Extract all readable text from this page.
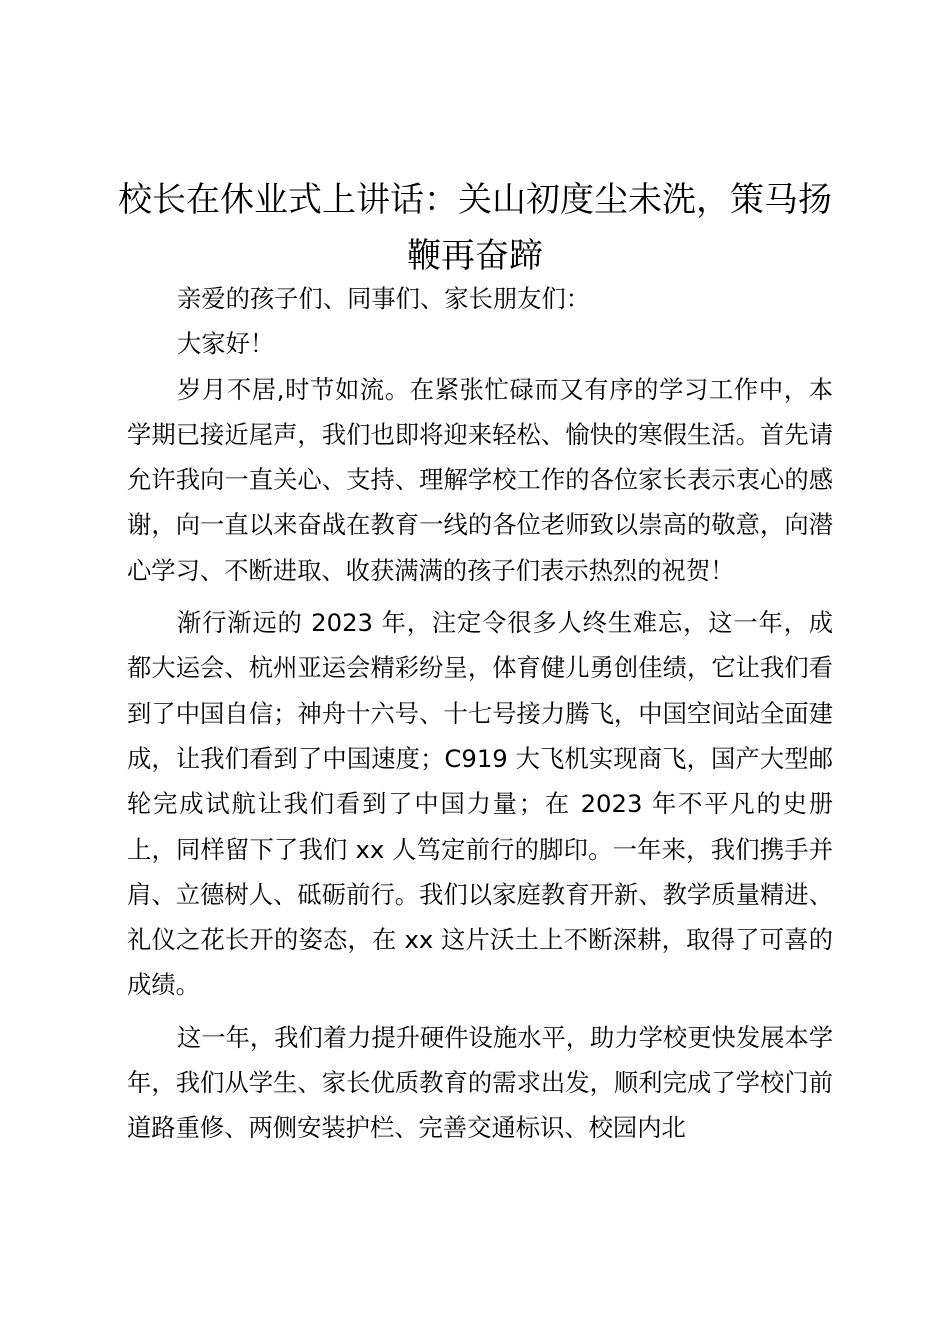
校长在休业式上讲话：关山初度尘未洗，策马扬鞭再奋蹄

亲爱的孩子们、同事们、家长朋友们：

大家好！

岁月不居,时节如流。在紧张忙碌而又有序的学习工作中，本学期已接近尾声，我们也即将迎来轻松、愉快的寒假生活。首先请允许我向一直关心、支持、理解学校工作的各位家长表示衷心的感谢，向一直以来奋战在教育一线的各位老师致以崇高的敬意，向潜心学习、不断进取、收获满满的孩子们表示热烈的祝贺！

渐行渐远的 2023 年，注定令很多人终生难忘，这一年，成都大运会、杭州亚运会精彩纷呈，体育健儿勇创佳绩，它让我们看到了中国自信；神舟十六号、十七号接力腾飞，中国空间站全面建成，让我们看到了中国速度；C919 大飞机实现商飞，国产大型邮轮完成试航让我们看到了中国力量；在 2023 年不平凡的史册上，同样留下了我们 xx 人笃定前行的脚印。一年来，我们携手并肩、立德树人、砥砺前行。我们以家庭教育开新、教学质量精进、礼仪之花长开的姿态，在 xx 这片沃土上不断深耕，取得了可喜的成绩。

这一年，我们着力提升硬件设施水平，助力学校更快发展本学年，我们从学生、家长优质教育的需求出发，顺利完成了学校门前道路重修、两侧安装护栏、完善交通标识、校园内北
